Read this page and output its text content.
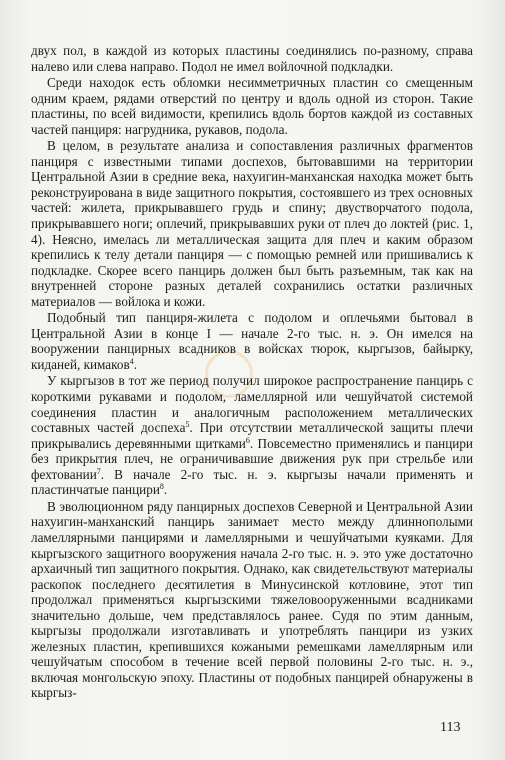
двух пол, в каждой из которых пластины соединялись по-разному, справа налево или слева направо. Подол не имел войлочной подкладки.

Среди находок есть обломки несимметричных пластин со смещенным одним краем, рядами отверстий по центру и вдоль одной из сторон. Такие пластины, по всей видимости, крепились вдоль бортов каждой из составных частей панциря: нагрудника, рукавов, подола.

В целом, в результате анализа и сопоставления различных фрагментов панциря с известными типами доспехов, бытовавшими на территории Центральной Азии в средние века, нахуигин-манханская находка может быть реконструирована в виде защитного покрытия, состоявшего из трех основных частей: жилета, прикрывавшего грудь и спину; двустворчатого подола, прикрывавшего ноги; оплечий, прикрывавших руки от плеч до локтей (рис. 1, 4). Неясно, имелась ли металлическая защита для плеч и каким образом крепились к телу детали панциря — с помощью ремней или пришивались к подкладке. Скорее всего панцирь должен был быть разъемным, так как на внутренней стороне разных деталей сохранились остатки различных материалов — войлока и кожи.

Подобный тип панциря-жилета с подолом и оплечьями бытовал в Центральной Азии в конце I — начале 2-го тыс. н. э. Он имелся на вооружении панцирных всадников в войсках тюрок, кыргызов, байырку, киданей, кимаков$^4$.

У кыргызов в тот же период получил широкое распространение панцирь с короткими рукавами и подолом, ламеллярной или чешуйчатой системой соединения пластин и аналогичным расположением металлических составных частей доспеха$^5$. При отсутствии металлической защиты плечи прикрывались деревянными щитками$^6$. Повсеместно применялись и панцири без прикрытия плеч, не ограничивавшие движения рук при стрельбе или фехтовании$^7$. В начале 2-го тыс. н. э. кыргызы начали применять и пластинчатые панцири$^8$.

В эволюционном ряду панцирных доспехов Северной и Центральной Азии нахуигин-манханский панцирь занимает место между длиннополыми ламеллярными панцирями и ламеллярными и чешуйчатыми куяками. Для кыргызского защитного вооружения начала 2-го тыс. н. э. это уже достаточно архаичный тип защитного покрытия. Однако, как свидетельствуют материалы раскопок последнего десятилетия в Минусинской котловине, этот тип продолжал применяться кыргызскими тяжеловооруженными всадниками значительно дольше, чем представлялось ранее. Судя по этим данным, кыргызы продолжали изготавливать и употреблять панцири из узких железных пластин, крепившихся кожаными ремешками ламеллярным или чешуйчатым способом в течение всей первой половины 2-го тыс. н. э., включая монгольскую эпоху. Пластины от подобных панцирей обнаружены в кыргыз-

113
